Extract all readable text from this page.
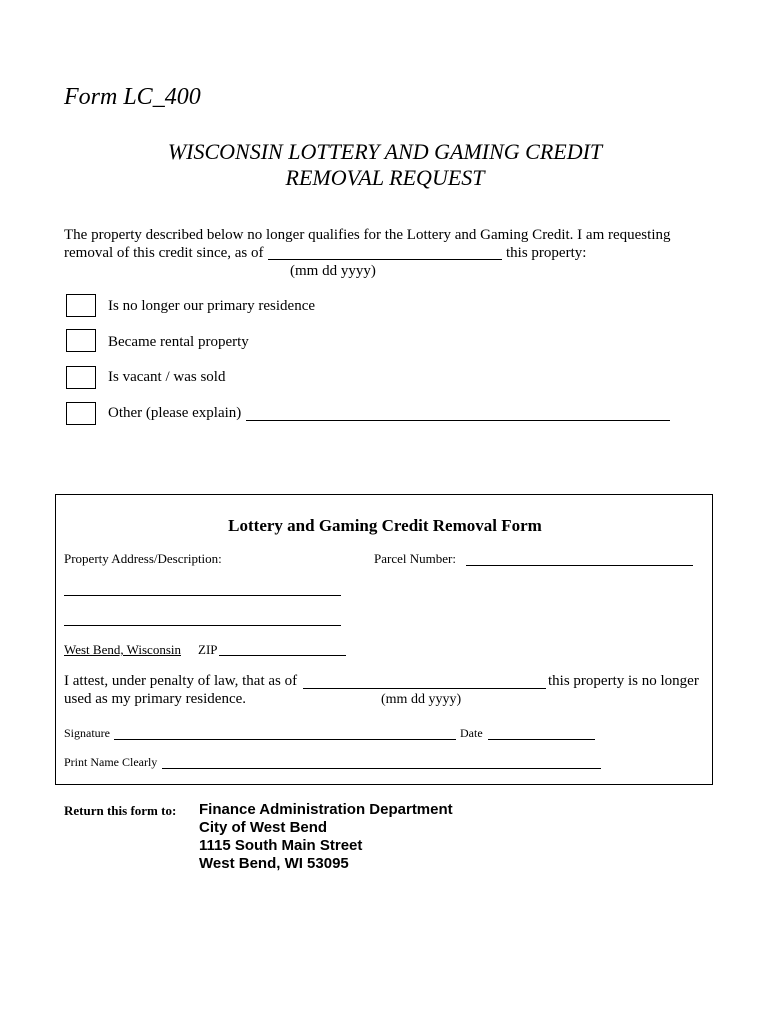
Form LC_400
WISCONSIN LOTTERY AND GAMING CREDIT
REMOVAL REQUEST
The property described below no longer qualifies for the Lottery and Gaming Credit. I am requesting
removal of this credit since, as of	this property:
(mm dd yyyy)
Is no longer our primary residence
Became rental property
Is vacant / was sold
Other (please explain)
Lottery and Gaming Credit Removal Form
Property Address/Description:	Parcel Number:
West Bend, Wisconsin ZIP
I attest, under penalty of law, that as of	this property is no longer
used as my primary residence.	(mm dd yyyy)
Signature	Date
Print Name Clearly
Return this form to: Finance Administration Department
City of West Bend
1115 South Main Street
West Bend, WI 53095
